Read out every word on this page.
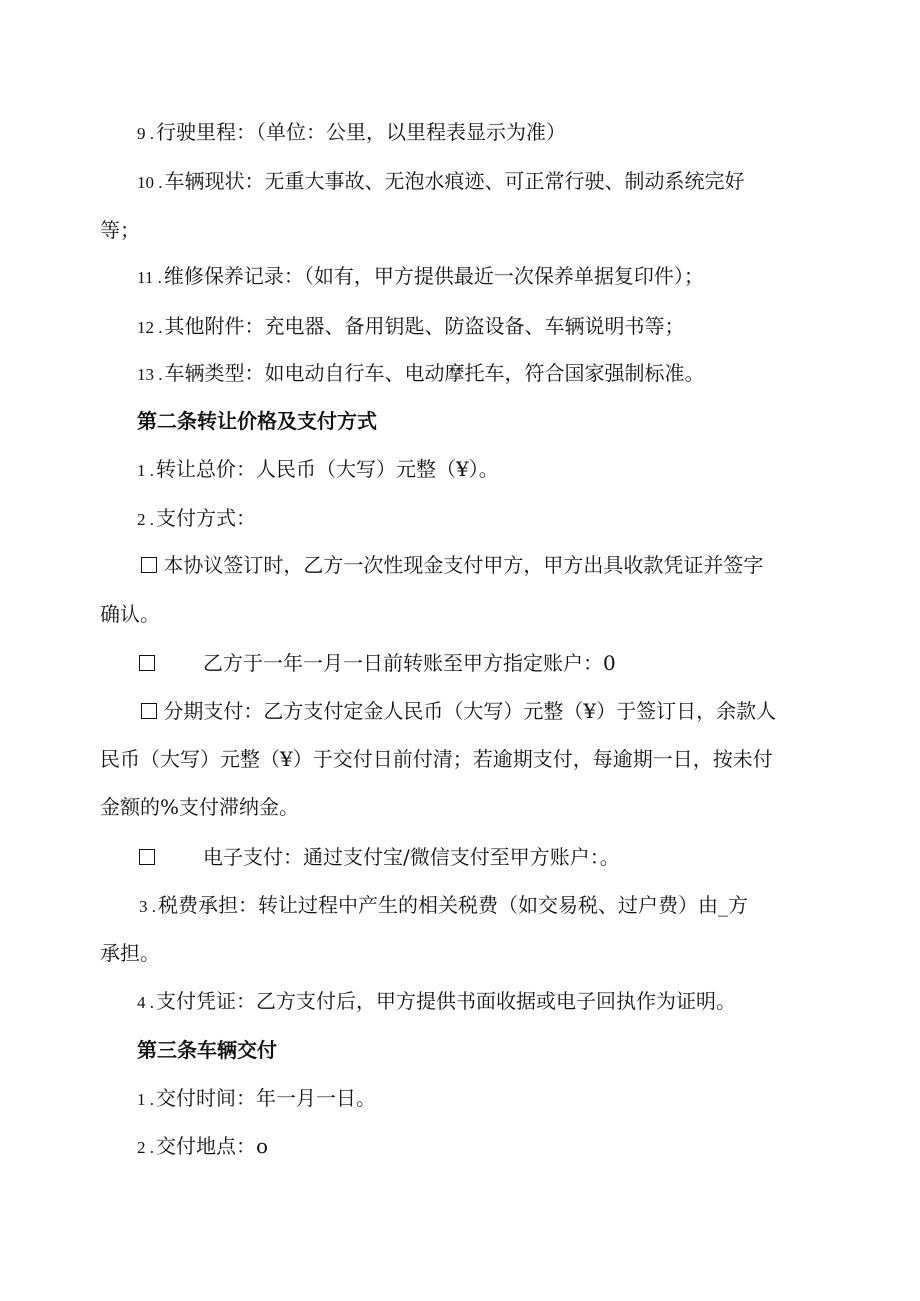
9 . 行驶里程：（单位：公里，以里程表显示为准）
10 . 车辆现状：无重大事故、无泡水痕迹、可正常行驶、制动系统完好
等；
11 . 维修保养记录：（如有，甲方提供最近一次保养单据复印件）；
12 . 其他附件：充电器、备用钥匙、防盗设备、车辆说明书等；
13 . 车辆类型：如电动自行车、电动摩托车，符合国家强制标准。
第二条转让价格及支付方式
1 . 转让总价：人民币（大写）元整（¥）。
2 . 支付方式：
本协议签订时，乙方一次性现金支付甲方，甲方出具收款凭证并签字
确认。
乙方于一年一月一日前转账至甲方指定账户：0
分期支付：乙方支付定金人民币（大写）元整（¥）于签订日，余款人
民币（大写）元整（¥）于交付日前付清；若逾期支付，每逾期一日，按未付
金额的%支付滞纳金。
电子支付：通过支付宝/微信支付至甲方账户：。
3 . 税费承担：转让过程中产生的相关税费（如交易税、过户费）由_方
承担。
4 . 支付凭证：乙方支付后，甲方提供书面收据或电子回执作为证明。
第三条车辆交付
1 . 交付时间：年一月一日。
2 . 交付地点：o
